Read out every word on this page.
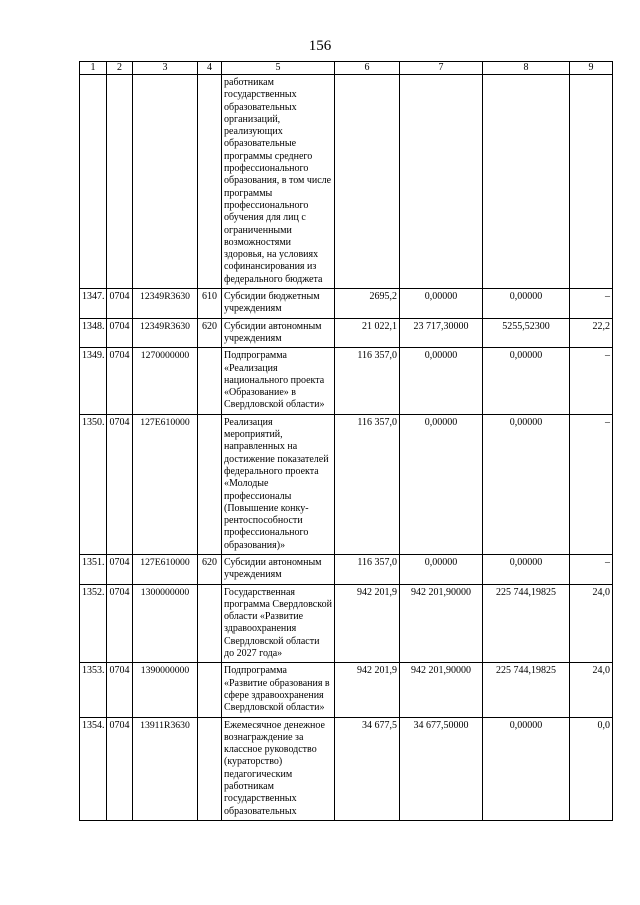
156
1	2	3	4	5	6	7	8	9
				работникам государственных образовательных организаций, реализующих образовательные программы среднего профессионального образования, в том числе программы профессионального обучения для лиц с ограниченными возможностями здоровья, на условиях софинансирования из федерального бюджета				
1347.	0704	12349R3630	610	Субсидии бюджетным учреждениям	2695,2	0,00000	0,00000	–
1348.	0704	12349R3630	620	Субсидии автономным учреждениям	21 022,1	23 717,30000	5255,52300	22,2
1349.	0704	1270000000		Подпрограмма «Реализация национального проекта «Образование» в Свердловской области»	116 357,0	0,00000	0,00000	–
1350.	0704	127E610000		Реализация мероприятий, направленных на достижение показателей федерального проекта «Молодые профессионалы (Повышение конку-рентоспособности профессионального образования)»	116 357,0	0,00000	0,00000	–
1351.	0704	127E610000	620	Субсидии автономным учреждениям	116 357,0	0,00000	0,00000	–
1352.	0704	1300000000		Государственная программа Свердловской области «Развитие здравоохранения Свердловской области до 2027 года»	942 201,9	942 201,90000	225 744,19825	24,0
1353.	0704	1390000000		Подпрограмма «Развитие образования в сфере здравоохранения Свердловской области»	942 201,9	942 201,90000	225 744,19825	24,0
1354.	0704	13911R3630		Ежемесячное денежное вознаграждение за классное руководство (кураторство) педагогическим работникам государственных образовательных	34 677,5	34 677,50000	0,00000	0,0
